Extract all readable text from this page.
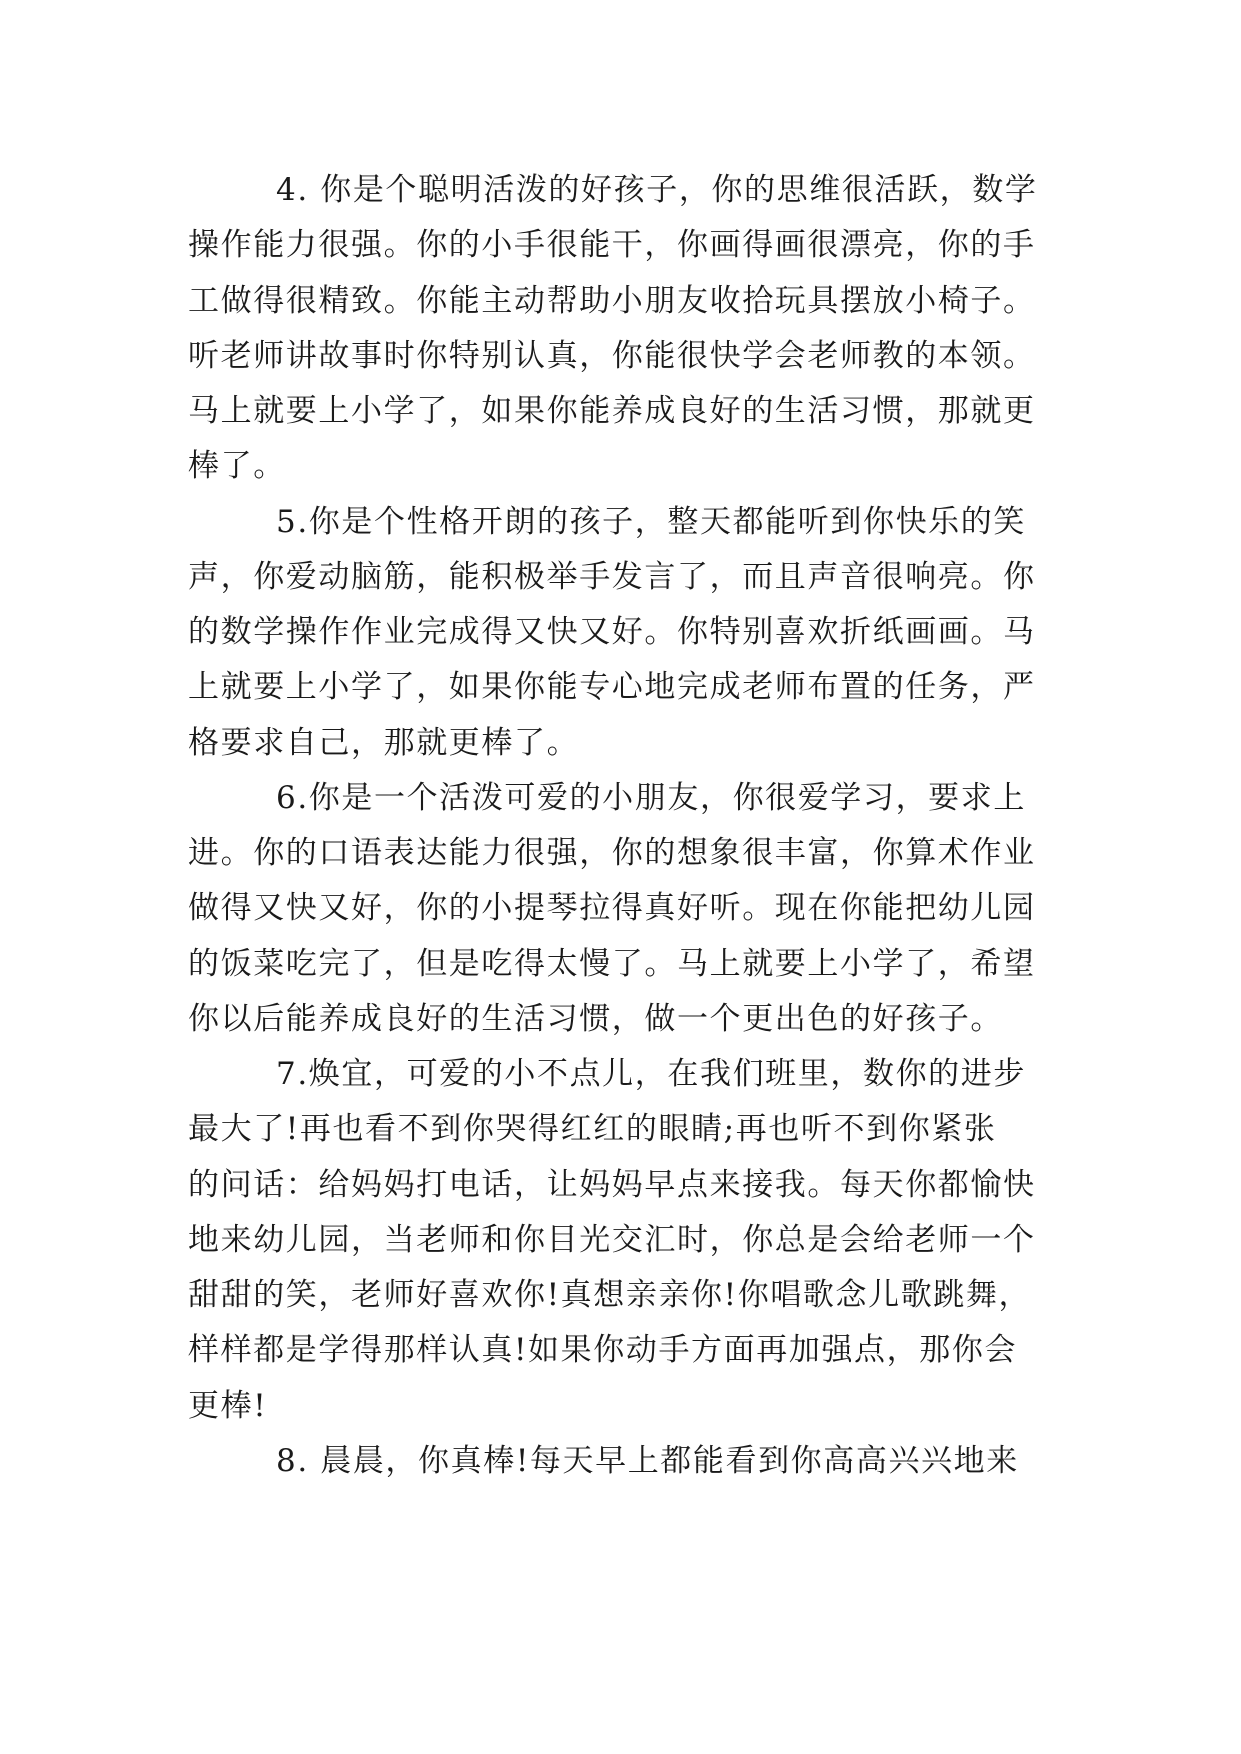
4. 你是个聪明活泼的好孩子，你的思维很活跃，数学
操作能力很强。你的小手很能干，你画得画很漂亮，你的手
工做得很精致。你能主动帮助小朋友收拾玩具摆放小椅子。
听老师讲故事时你特别认真，你能很快学会老师教的本领。
马上就要上小学了，如果你能养成良好的生活习惯，那就更
棒了。
5.你是个性格开朗的孩子，整天都能听到你快乐的笑
声，你爱动脑筋，能积极举手发言了，而且声音很响亮。你
的数学操作作业完成得又快又好。你特别喜欢折纸画画。马
上就要上小学了，如果你能专心地完成老师布置的任务，严
格要求自己，那就更棒了。
6.你是一个活泼可爱的小朋友，你很爱学习，要求上
进。你的口语表达能力很强，你的想象很丰富，你算术作业
做得又快又好，你的小提琴拉得真好听。现在你能把幼儿园
的饭菜吃完了，但是吃得太慢了。马上就要上小学了，希望
你以后能养成良好的生活习惯，做一个更出色的好孩子。
7.焕宜，可爱的小不点儿，在我们班里，数你的进步
最大了!再也看不到你哭得红红的眼睛;再也听不到你紧张
的问话：给妈妈打电话，让妈妈早点来接我。每天你都愉快
地来幼儿园，当老师和你目光交汇时，你总是会给老师一个
甜甜的笑，老师好喜欢你!真想亲亲你!你唱歌念儿歌跳舞，
样样都是学得那样认真!如果你动手方面再加强点，那你会
更棒!
8. 晨晨，你真棒!每天早上都能看到你高高兴兴地来
